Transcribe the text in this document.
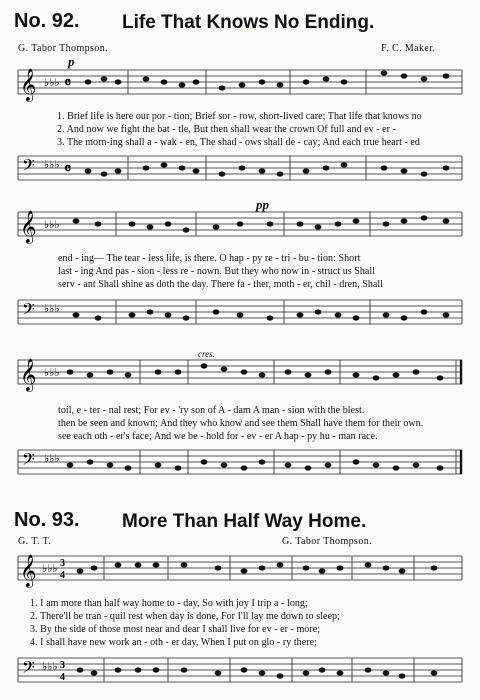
No. 92. Life That Knows No Ending.
G. Tabor Thompson.	F. C. Maker.
p
𝄞 ♭♭♭ 𝄴
1. Brief life is here our por - tion; Brief sor - row, short-lived care; That life that knows no
2. And now we fight the bat - tle, But then shall wear the crown Of full and ev - er -
3. The morn-ing shall a - wak - en, The shad - ows shall de - cay; And each true heart - ed
𝄢 ♭♭♭ 𝄴
pp
𝄞 ♭♭♭
end - ing— The tear - less life, is there. O hap - py re - tri - bu - tion: Short
last - ing And pas - sion - less re - nown. But they who now in - struct us Shall
serv - ant Shall shine as doth the day. There fa - ther, moth - er, chil - dren, Shall
𝄢 ♭♭♭
cres.
𝄞 ♭♭♭
toil, e - ter - nal rest; For ev - 'ry son of A - dam A man - sion with the blest.
then be seen and known; And they who know and see them Shall have them for their own.
see each oth - er's face; And we be - hold for - ev - er A hap - py hu - man race.
𝄢 ♭♭♭
No. 93. More Than Half Way Home.
G. T. T.	G. Tabor Thompson.
𝄞 ♭♭♭ 3
4
1. I am more than half way home to - day, So with joy I trip a - long;
2. There'll be tran - quil rest when day is done, For I'll lay me down to sleep;
3. By the side of those most near and dear I shall live for ev - er - more;
4. I shall have new work an - oth - er day, When I put on glo - ry there;
𝄢 ♭♭♭ 3
4
